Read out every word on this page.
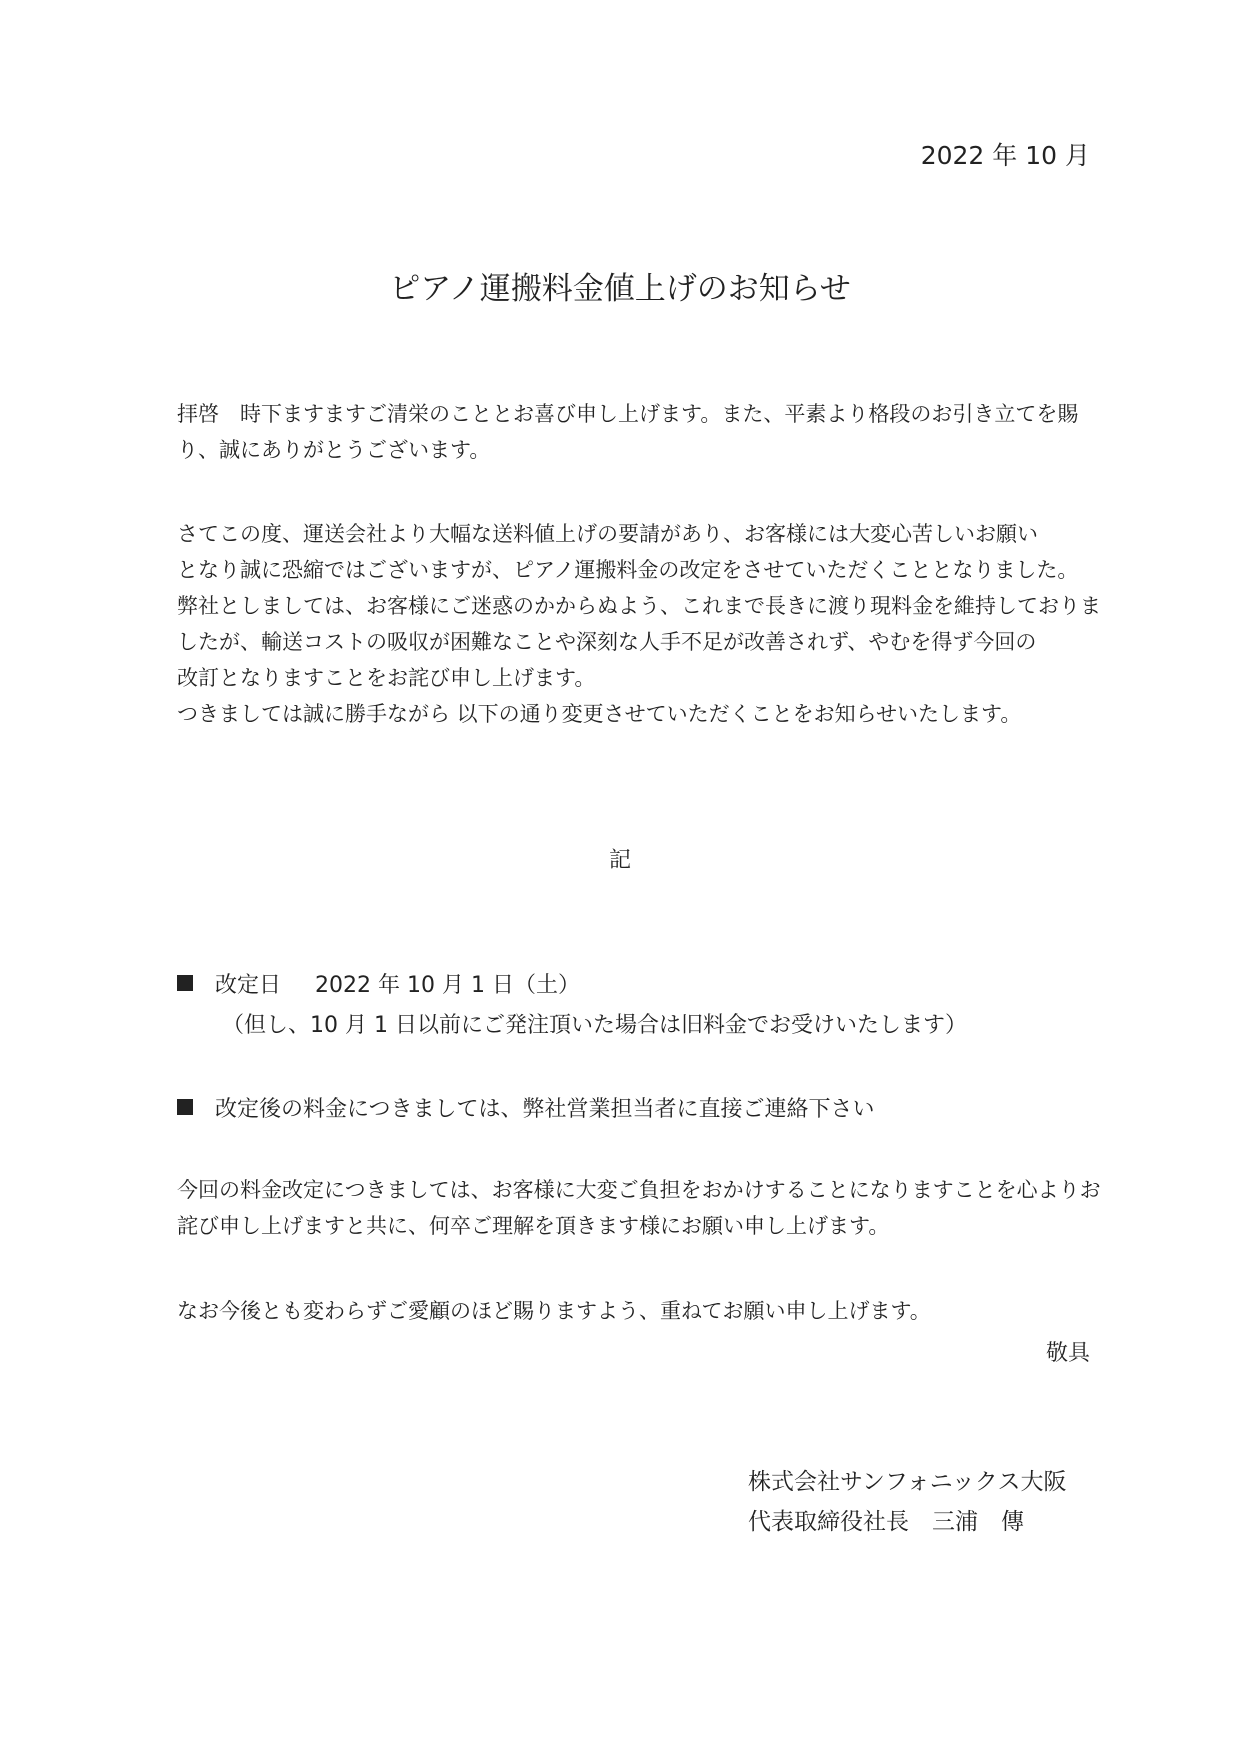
2022 年 10 月
ピアノ運搬料金値上げのお知らせ
拝啓　時下ますますご清栄のこととお喜び申し上げます。また、平素より格段のお引き立てを賜
り、誠にありがとうございます。
さてこの度、運送会社より大幅な送料値上げの要請があり、お客様には大変心苦しいお願い
となり誠に恐縮ではございますが、ピアノ運搬料金の改定をさせていただくこととなりました。
弊社としましては、お客様にご迷惑のかからぬよう、これまで長きに渡り現料金を維持しておりま
したが、輸送コストの吸収が困難なことや深刻な人手不足が改善されず、やむを得ず今回の
改訂となりますことをお詫び申し上げます。
つきましては誠に勝手ながら 以下の通り変更させていただくことをお知らせいたします。
記
改定日 2022 年 10 月 1 日（土）
（但し、10 月 1 日以前にご発注頂いた場合は旧料金でお受けいたします）
改定後の料金につきましては、弊社営業担当者に直接ご連絡下さい
今回の料金改定につきましては、お客様に大変ご負担をおかけすることになりますことを心よりお
詫び申し上げますと共に、何卒ご理解を頂きます様にお願い申し上げます。
なお今後とも変わらずご愛顧のほど賜りますよう、重ねてお願い申し上げます。
敬具
株式会社サンフォニックス大阪
代表取締役社長　三浦　傳
